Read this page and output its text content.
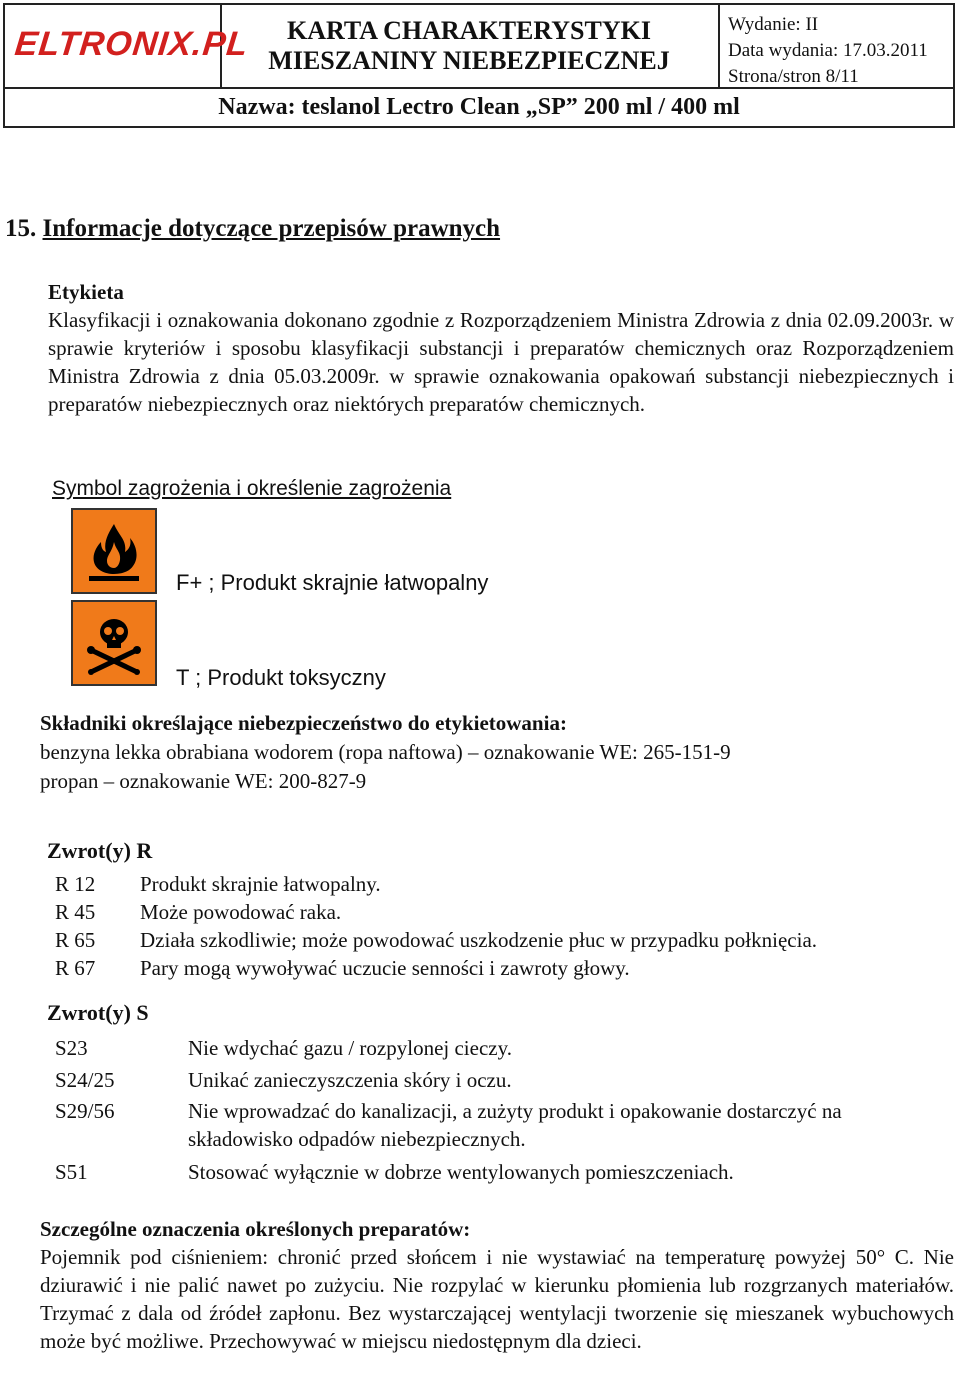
ELTRONIX.PL	KARTA CHARAKTERYSTYKI
MIESZANINY NIEBEZPIECZNEJ
Wydanie: II
Data wydania: 17.03.2011
Strona/stron 8/11
Nazwa: teslanol Lectro Clean „SP” 200 ml / 400 ml
15. Informacje dotyczące przepisów prawnych
Etykieta
Klasyfikacji i oznakowania dokonano zgodnie z Rozporządzeniem Ministra Zdrowia z dnia 02.09.2003r. w sprawie kryteriów i sposobu klasyfikacji substancji i preparatów chemicznych oraz Rozporządzeniem Ministra Zdrowia z dnia 05.03.2009r. w sprawie oznakowania opakowań substancji niebezpiecznych i preparatów niebezpiecznych oraz niektórych preparatów chemicznych.
Symbol zagrożenia i określenie zagrożenia
F+ ; Produkt skrajnie łatwopalny
T ; Produkt toksyczny
Składniki określające niebezpieczeństwo do etykietowania:
benzyna lekka obrabiana wodorem (ropa naftowa) – oznakowanie WE: 265-151-9
propan – oznakowanie WE: 200-827-9
Zwrot(y) R
R 12 Produkt skrajnie łatwopalny.
R 45 Może powodować raka.
R 65 Działa szkodliwie; może powodować uszkodzenie płuc w przypadku połknięcia.
R 67 Pary mogą wywoływać uczucie senności i zawroty głowy.
Zwrot(y) S
S23	Nie wdychać gazu / rozpylonej cieczy.
S24/25	Unikać zanieczyszczenia skóry i oczu.
S29/56	Nie wprowadzać do kanalizacji, a zużyty produkt i opakowanie dostarczyć na składowisko odpadów niebezpiecznych.
S51	Stosować wyłącznie w dobrze wentylowanych pomieszczeniach.
Szczególne oznaczenia określonych preparatów:
Pojemnik pod ciśnieniem: chronić przed słońcem i nie wystawiać na temperaturę powyżej 50° C. Nie dziurawić i nie palić nawet po zużyciu. Nie rozpylać w kierunku płomienia lub rozgrzanych materiałów. Trzymać z dala od źródeł zapłonu. Bez wystarczającej wentylacji tworzenie się mieszanek wybuchowych może być możliwe. Przechowywać w miejscu niedostępnym dla dzieci.
